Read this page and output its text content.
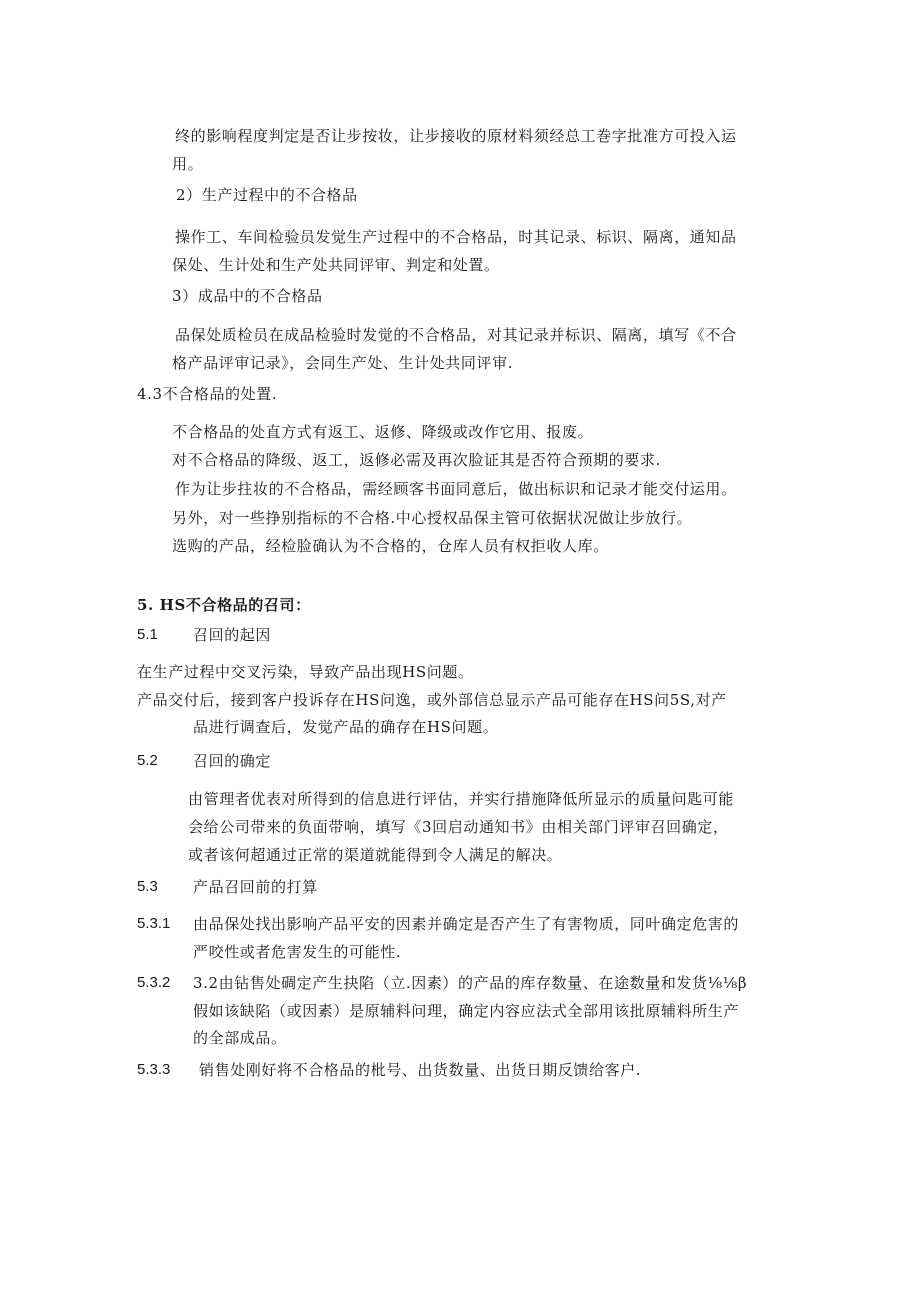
终的影响程度判定是否让步按妆，让步接收的原材料须经总工巻字批准方可投入运
用。
2）生产过程中的不合格品
操作工、车间检验员发觉生产过程中的不合格品，时其记录、标识、隔离，通知品
保处、生计处和生产处共同评审、判定和处置。
3）成品中的不合格品
品保处质检员在成品检验时发觉的不合格品，对其记录并标识、隔离，填写《不合
格产品评审记录》，会同生产处、生计处共同评审.
4.3不合格品的处置.
不合格品的处直方式有返工、返修、降级或改作它用、报废。
对不合格品的降级、返工，返修必需及再次脸证其是否符合预期的要求.
作为让步拄妆的不合格品，需经顾客书面同意后，做出标识和记录才能交付运用。
另外，对一些挣别指标的不合格.中心授权品保主管可依据状况做让步放行。
选购的产品，经检脸确认为不合格的，仓库人员有权拒收人库。
5. HS不合格品的召司：
5.1 召回的起因
在生产过程中交叉污染，导致产品出现HS问题。
产品交付后，接到客户投诉存在HS问逸，或外部信总显示产品可能存在HS问5S,对产
品进行调查后，发觉产品的确存在HS问题。
5.2 召回的确定
由管理者优表对所得到的信息进行评估，并实行措施降低所显示的质量问匙可能
会给公司带来的负面带响，填写《3回启动通知书》由相关部门评审召回确定，
或者该何超通过正常的渠道就能得到令人满足的解决。
5.3 产品召回前的打算
5.3.1 由品保处找出影响产品平安的因素并确定是否产生了有害物质，同叶确定危害的
严咬性或者危害发生的可能性.
5.3.2 3.2由钻售处碉定产生抉陷（立.因素）的产品的库存数量、在途数量和发货⅛⅛β
假如该缺陷（或因素）是原辅料问理，确定内容应法式全部用该批原辅料所生产
的全部成品。
5.3.3 销售处刚好将不合格品的枇号、出货数量、出货日期反馈给客户.
